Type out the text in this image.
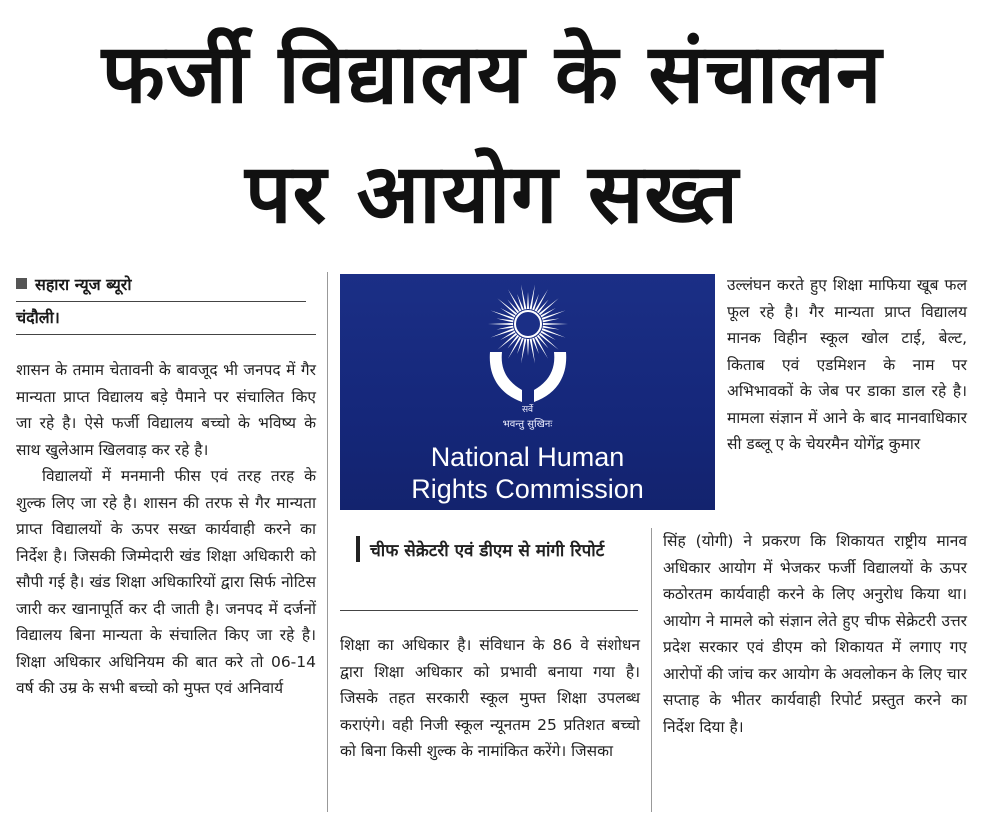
फर्जी विद्यालय के संचालन
पर आयोग सख्त
सहारा न्यूज ब्यूरो
चंदौली।

शासन के तमाम चेतावनी के बावजूद भी जनपद में गैर मान्यता प्राप्त विद्यालय बड़े पैमाने पर संचालित किए जा रहे है। ऐसे फर्जी विद्यालय बच्चो के भविष्य के साथ खुलेआम खिलवाड़ कर रहे है।

विद्यालयों में मनमानी फीस एवं तरह तरह के शुल्क लिए जा रहे है। शासन की तरफ से गैर मान्यता प्राप्त विद्यालयों के ऊपर सख्त कार्यवाही करने का निर्देश है। जिसकी जिम्मेदारी खंड शिक्षा अधिकारी को सौपी गई है। खंड शिक्षा अधिकारियों द्वारा सिर्फ नोटिस जारी कर खानापूर्ति कर दी जाती है। जनपद में दर्जनों विद्यालय बिना मान्यता के संचालित किए जा रहे है। शिक्षा अधिकार अधिनियम की बात करे तो 06-14 वर्ष की उम्र के सभी बच्चो को मुफ्त एवं अनिवार्य

सर्वे
भवन्तु सुखिनः
National Human
Rights Commission
चीफ सेक्रेटरी एवं डीएम से मांगी रिपोर्ट

शिक्षा का अधिकार है। संविधान के 86 वे संशोधन द्वारा शिक्षा अधिकार को प्रभावी बनाया गया है। जिसके तहत सरकारी स्कूल मुफ्त शिक्षा उपलब्ध कराएंगे। वही निजी स्कूल न्यूनतम 25 प्रतिशत बच्चो को बिना किसी शुल्क के नामांकित करेंगे। जिसका

उल्लंघन करते हुए शिक्षा माफिया खूब फल फूल रहे है। गैर मान्यता प्राप्त विद्यालय मानक विहीन स्कूल खोल टाई, बेल्ट, किताब एवं एडमिशन के नाम पर अभिभावकों के जेब पर डाका डाल रहे है। मामला संज्ञान में आने के बाद मानवाधिकार सी डब्लू ए के चेयरमैन योगेंद्र कुमार

सिंह (योगी) ने प्रकरण कि शिकायत राष्ट्रीय मानव अधिकार आयोग में भेजकर फर्जी विद्यालयों के ऊपर कठोरतम कार्यवाही करने के लिए अनुरोध किया था। आयोग ने मामले को संज्ञान लेते हुए चीफ सेक्रेटरी उत्तर प्रदेश सरकार एवं डीएम को शिकायत में लगाए गए आरोपों की जांच कर आयोग के अवलोकन के लिए चार सप्ताह के भीतर कार्यवाही रिपोर्ट प्रस्तुत करने का निर्देश दिया है।
